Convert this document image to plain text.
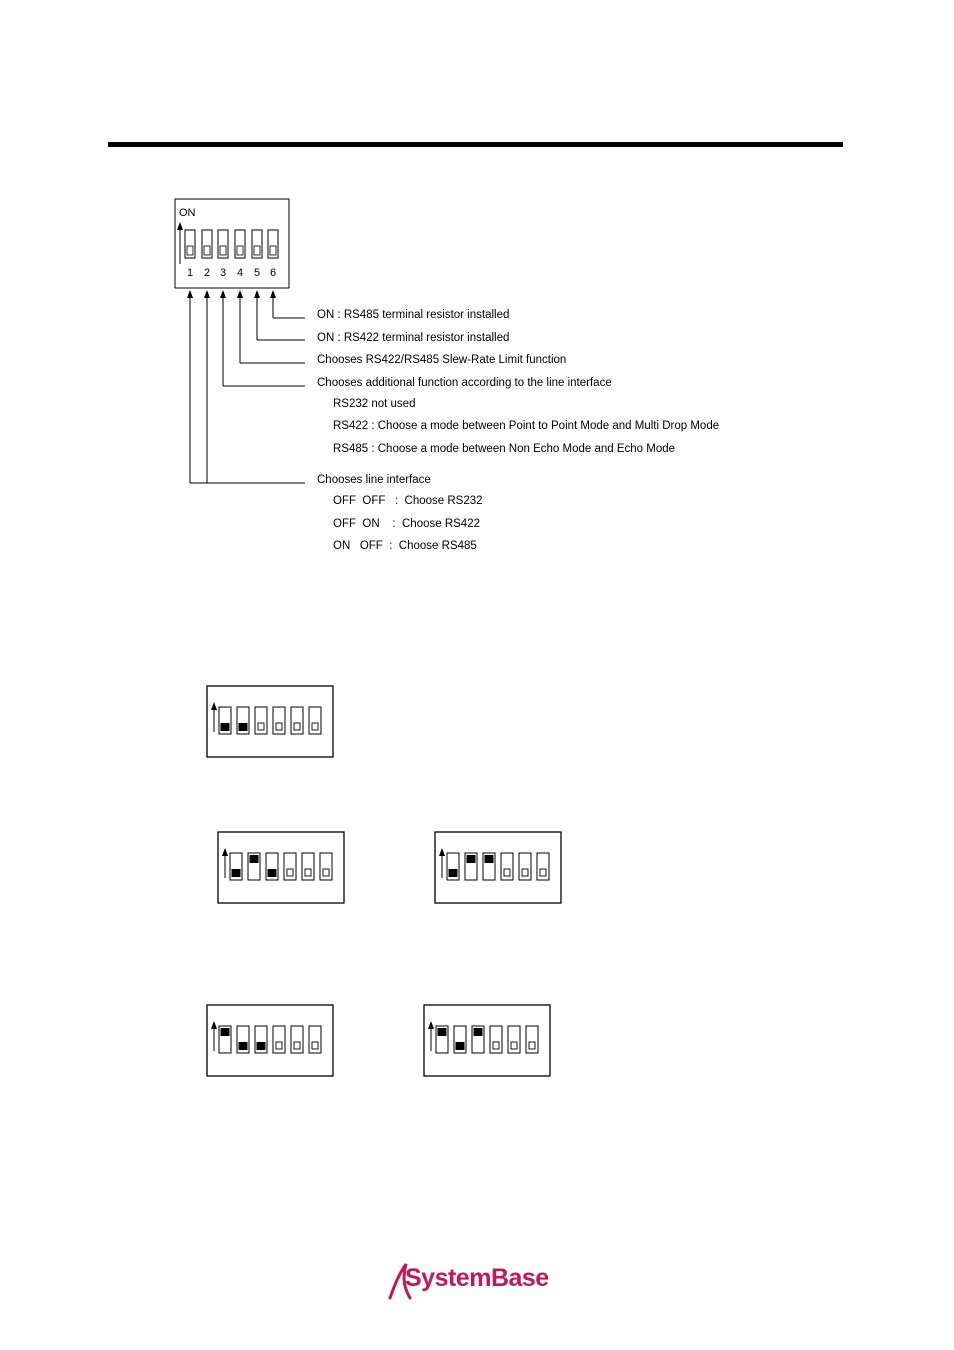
ON
1 2 3 4 5 6
ON : RS485 terminal resistor installed
ON : RS422 terminal resistor installed
Chooses RS422/RS485 Slew-Rate Limit function
Chooses additional function according to the line interface
RS232 not used
RS422 : Choose a mode between Point to Point Mode and Multi Drop Mode
RS485 : Choose a mode between Non Echo Mode and Echo Mode
Chooses line interface
OFF  OFF   :  Choose RS232
OFF  ON    :  Choose RS422
ON   OFF  :  Choose RS485
SystemBase
